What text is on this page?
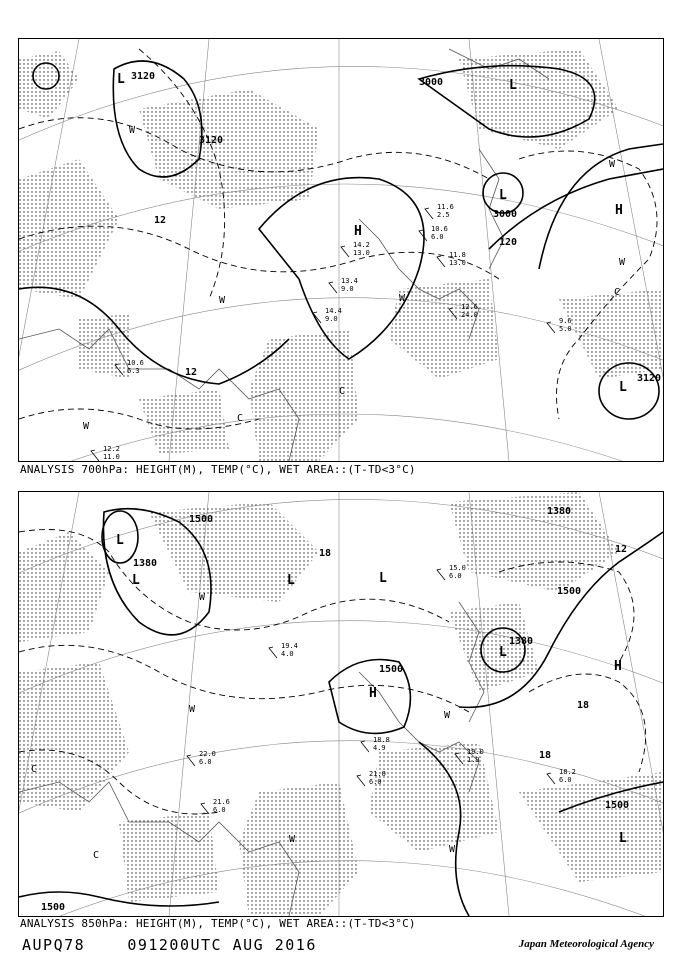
L
H
L
H
L
L
W
W	W
W
W
C
C
C
W
3120
3000
3000
3120
3120
12
12
120
12.6 24.0
9.6 5.0
14.4 9.0
13.4 9.0
10.6 6.3
12.2 11.0
11.6 2.5
10.6 6.0
11.8 13.0
14.2 13.0
ANALYSIS 700hPa: HEIGHT(M), TEMP(°C), WET AREA::(T-TD<3°C)
L
L	L	L
H
H
L
L
W
W
W
W
C
C
W
1500
1380
1500
1500
1380
1500
1500
1380
18
18
18
12
19.0 1.9
18.2 6.0
21.0 6.0
18.8 4.9
22.0 6.0
21.6 6.0
19.4 4.0
15.0 6.0
ANALYSIS 850hPa: HEIGHT(M), TEMP(°C), WET AREA::(T-TD<3°C)
AUPQ78	091200UTC AUG 2016	Japan Meteorological Agency
